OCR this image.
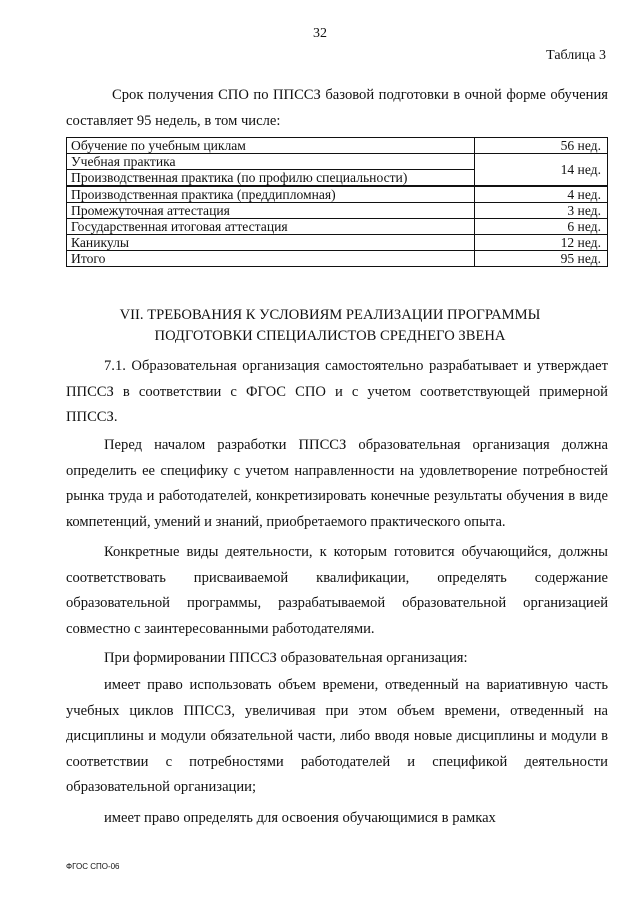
32
Таблица 3

Срок получения СПО по ППССЗ базовой подготовки в очной форме обучения составляет 95 недель, в том числе:

Обучение по учебным циклам	56 нед.
Учебная практика	14 нед.
Производственная практика (по профилю специальности)	
Производственная практика (преддипломная)	4 нед.
Промежуточная аттестация	3 нед.
Государственная итоговая аттестация	6 нед.
Каникулы	12 нед.
Итого	95 нед.
VII. ТРЕБОВАНИЯ К УСЛОВИЯМ РЕАЛИЗАЦИИ ПРОГРАММЫ
ПОДГОТОВКИ СПЕЦИАЛИСТОВ СРЕДНЕГО ЗВЕНА

7.1. Образовательная организация самостоятельно разрабатывает и утверждает ППССЗ в соответствии с ФГОС СПО и с учетом соответствующей примерной ППССЗ.

Перед началом разработки ППССЗ образовательная организация должна определить ее специфику с учетом направленности на удовлетворение потребностей рынка труда и работодателей, конкретизировать конечные результаты обучения в виде компетенций, умений и знаний, приобретаемого практического опыта.

Конкретные виды деятельности, к которым готовится обучающийся, должны соответствовать присваиваемой квалификации, определять содержание образовательной программы, разрабатываемой образовательной организацией совместно с заинтересованными работодателями.

При формировании ППССЗ образовательная организация:

имеет право использовать объем времени, отведенный на вариативную часть учебных циклов ППССЗ, увеличивая при этом объем времени, отведенный на дисциплины и модули обязательной части, либо вводя новые дисциплины и модули в соответствии с потребностями работодателей и спецификой деятельности образовательной организации;

имеет право определять для освоения обучающимися в рамках

ФГОС СПО-06
